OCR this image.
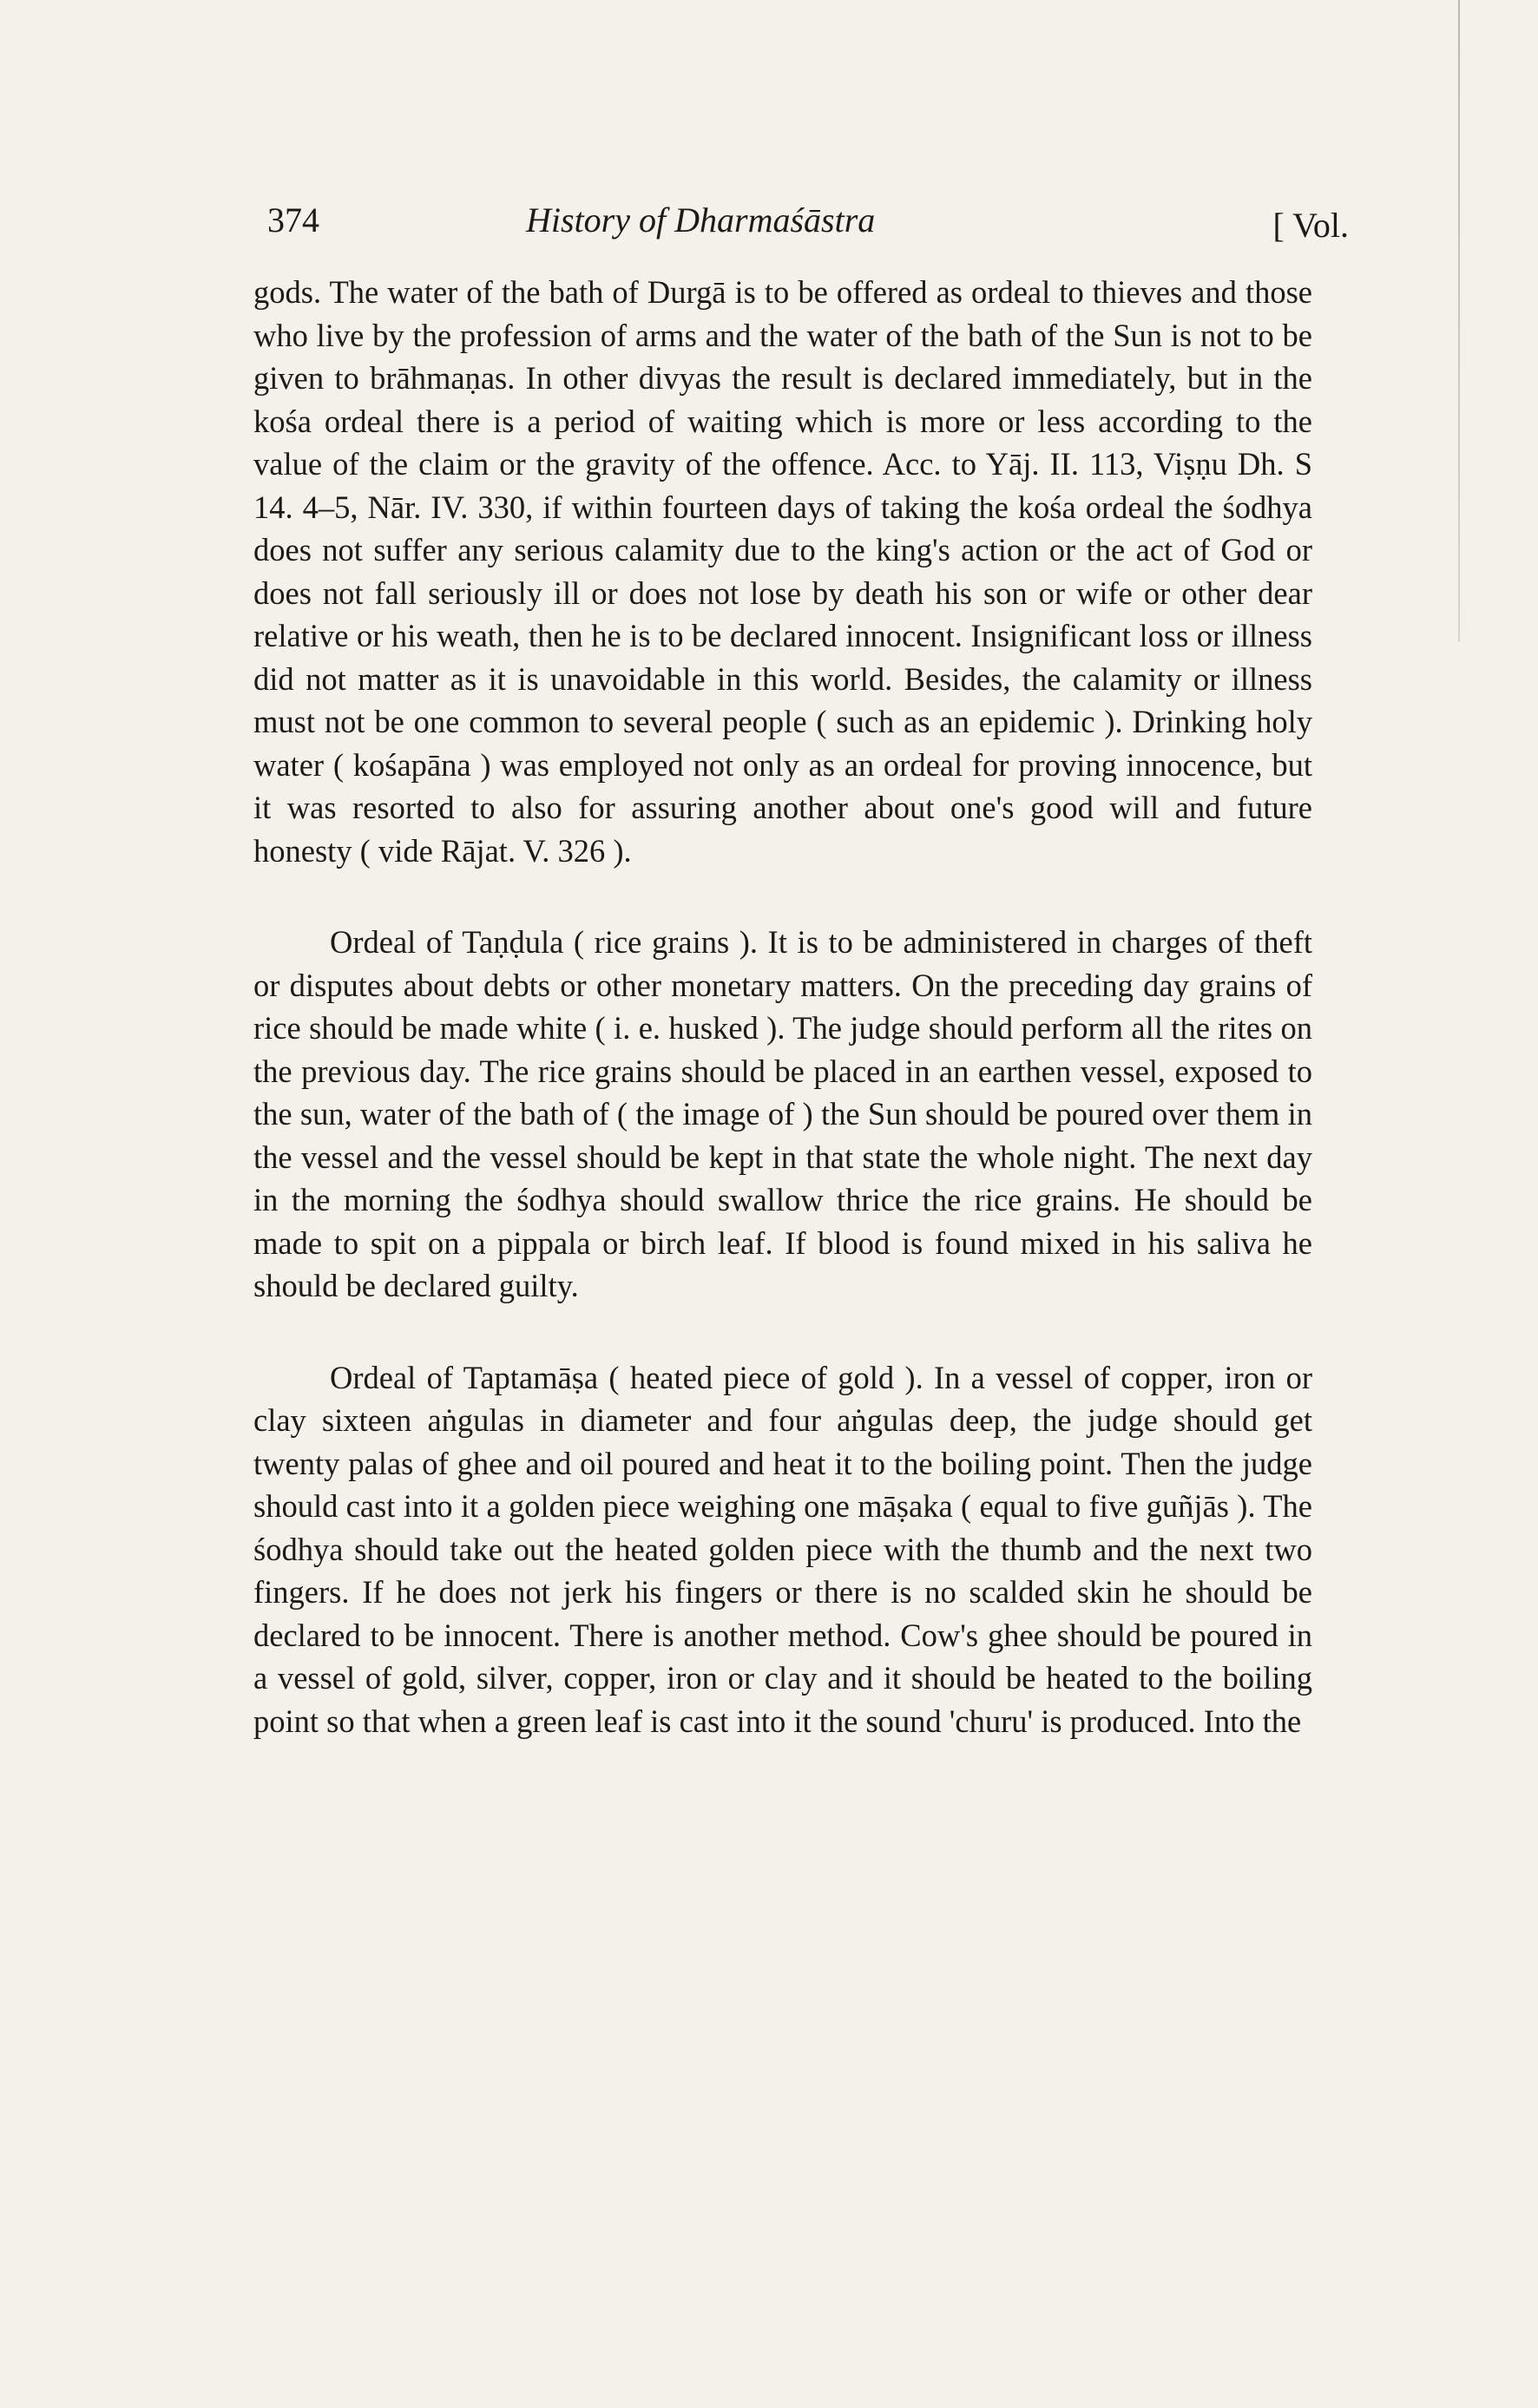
374	History of Dharmaśāstra	[ Vol.

gods. The water of the bath of Durgā is to be offered as ordeal to thieves and those who live by the profession of arms and the water of the bath of the Sun is not to be given to brāhmaṇas. In other divyas the result is declared immediately, but in the kośa ordeal there is a period of waiting which is more or less according to the value of the claim or the gravity of the offence. Acc. to Yāj. II. 113, Viṣṇu Dh. S 14. 4–5, Nār. IV. 330, if within fourteen days of taking the kośa ordeal the śodhya does not suffer any serious calamity due to the king's action or the act of God or does not fall seriously ill or does not lose by death his son or wife or other dear relative or his weath, then he is to be declared innocent. Insignificant loss or illness did not matter as it is unavoidable in this world. Besides, the calamity or illness must not be one common to several people ( such as an epidemic ). Drinking holy water ( kośapāna ) was employed not only as an ordeal for proving innocence, but it was resorted to also for assuring another about one's good will and future honesty ( vide Rājat. V. 326 ).

Ordeal of Taṇḍula ( rice grains ). It is to be administered in charges of theft or disputes about debts or other monetary matters. On the preceding day grains of rice should be made white ( i. e. husked ). The judge should perform all the rites on the previous day. The rice grains should be placed in an earthen vessel, exposed to the sun, water of the bath of ( the image of ) the Sun should be poured over them in the vessel and the vessel should be kept in that state the whole night. The next day in the morning the śodhya should swallow thrice the rice grains. He should be made to spit on a pippala or birch leaf. If blood is found mixed in his saliva he should be declared guilty.

Ordeal of Taptamāṣa ( heated piece of gold ). In a vessel of copper, iron or clay sixteen aṅgulas in diameter and four aṅgulas deep, the judge should get twenty palas of ghee and oil poured and heat it to the boiling point. Then the judge should cast into it a golden piece weighing one māṣaka ( equal to five guñjās ). The śodhya should take out the heated golden piece with the thumb and the next two fingers. If he does not jerk his fingers or there is no scalded skin he should be declared to be innocent. There is another method. Cow's ghee should be poured in a vessel of gold, silver, copper, iron or clay and it should be heated to the boiling point so that when a green leaf is cast into it the sound 'churu' is produced. Into the
